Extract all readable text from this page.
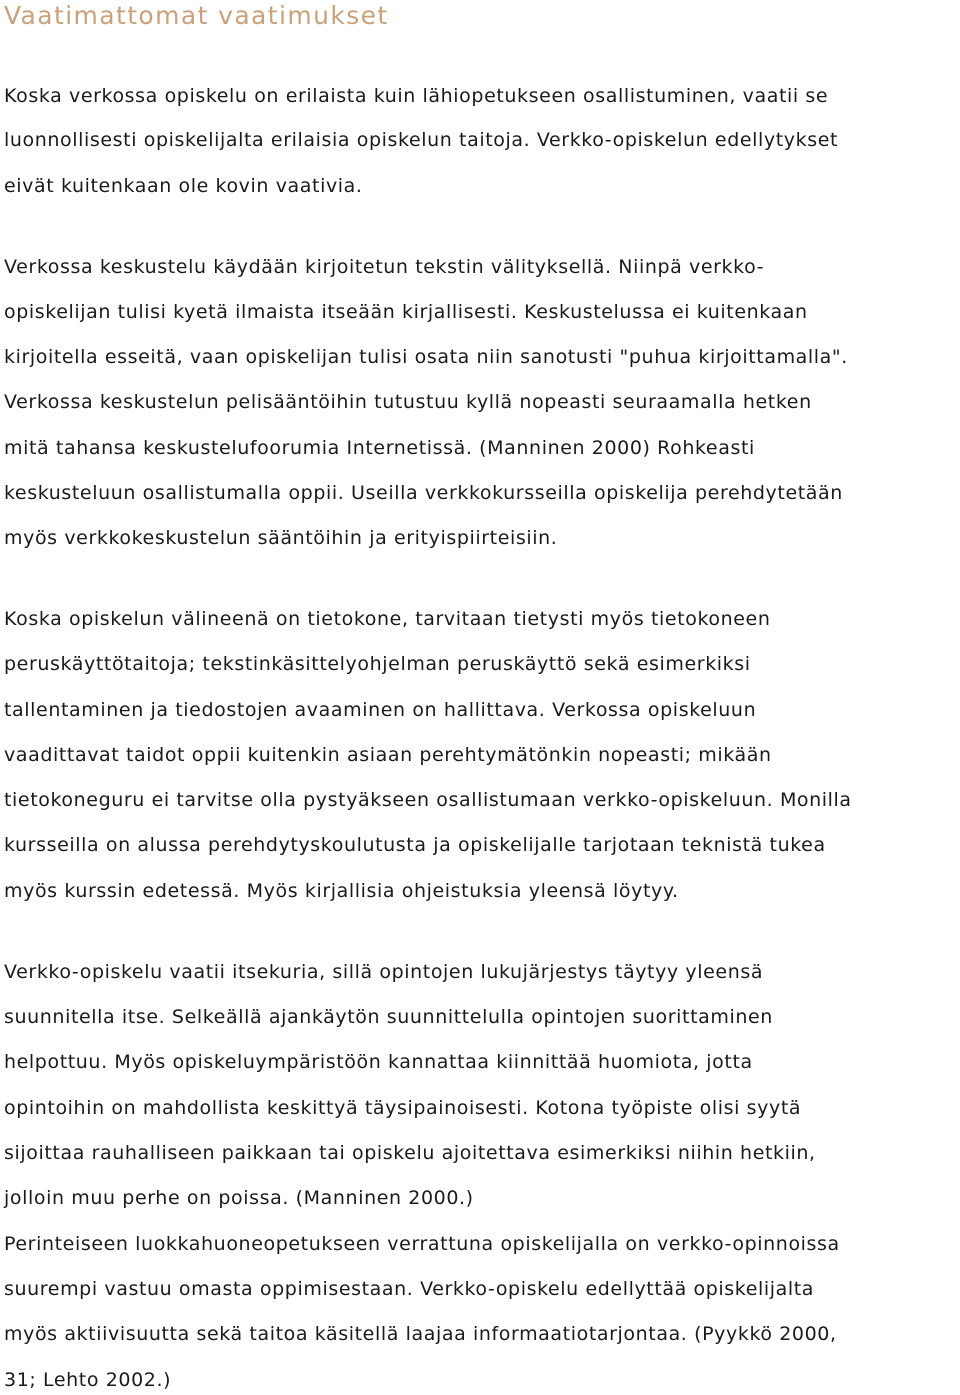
Vaatimattomat vaatimukset

Koska verkossa opiskelu on erilaista kuin lähiopetukseen osallistuminen, vaatii se

luonnollisesti opiskelijalta erilaisia opiskelun taitoja. Verkko-opiskelun edellytykset

eivät kuitenkaan ole kovin vaativia.

Verkossa keskustelu käydään kirjoitetun tekstin välityksellä. Niinpä verkko-

opiskelijan tulisi kyetä ilmaista itseään kirjallisesti. Keskustelussa ei kuitenkaan

kirjoitella esseitä, vaan opiskelijan tulisi osata niin sanotusti "puhua kirjoittamalla".

Verkossa keskustelun pelisääntöihin tutustuu kyllä nopeasti seuraamalla hetken

mitä tahansa keskustelufoorumia Internetissä. (Manninen 2000) Rohkeasti

keskusteluun osallistumalla oppii. Useilla verkkokursseilla opiskelija perehdytetään

myös verkkokeskustelun sääntöihin ja erityispiirteisiin.

Koska opiskelun välineenä on tietokone, tarvitaan tietysti myös tietokoneen

peruskäyttötaitoja; tekstinkäsittelyohjelman peruskäyttö sekä esimerkiksi

tallentaminen ja tiedostojen avaaminen on hallittava. Verkossa opiskeluun

vaadittavat taidot oppii kuitenkin asiaan perehtymätönkin nopeasti; mikään

tietokoneguru ei tarvitse olla pystyäkseen osallistumaan verkko-opiskeluun. Monilla

kursseilla on alussa perehdytyskoulutusta ja opiskelijalle tarjotaan teknistä tukea

myös kurssin edetessä. Myös kirjallisia ohjeistuksia yleensä löytyy.

Verkko-opiskelu vaatii itsekuria, sillä opintojen lukujärjestys täytyy yleensä

suunnitella itse. Selkeällä ajankäytön suunnittelulla opintojen suorittaminen

helpottuu. Myös opiskeluympäristöön kannattaa kiinnittää huomiota, jotta

opintoihin on mahdollista keskittyä täysipainoisesti. Kotona työpiste olisi syytä

sijoittaa rauhalliseen paikkaan tai opiskelu ajoitettava esimerkiksi niihin hetkiin,

jolloin muu perhe on poissa. (Manninen 2000.)

Perinteiseen luokkahuoneopetukseen verrattuna opiskelijalla on verkko-opinnoissa

suurempi vastuu omasta oppimisestaan. Verkko-opiskelu edellyttää opiskelijalta

myös aktiivisuutta sekä taitoa käsitellä laajaa informaatiotarjontaa. (Pyykkö 2000,

31; Lehto 2002.)
